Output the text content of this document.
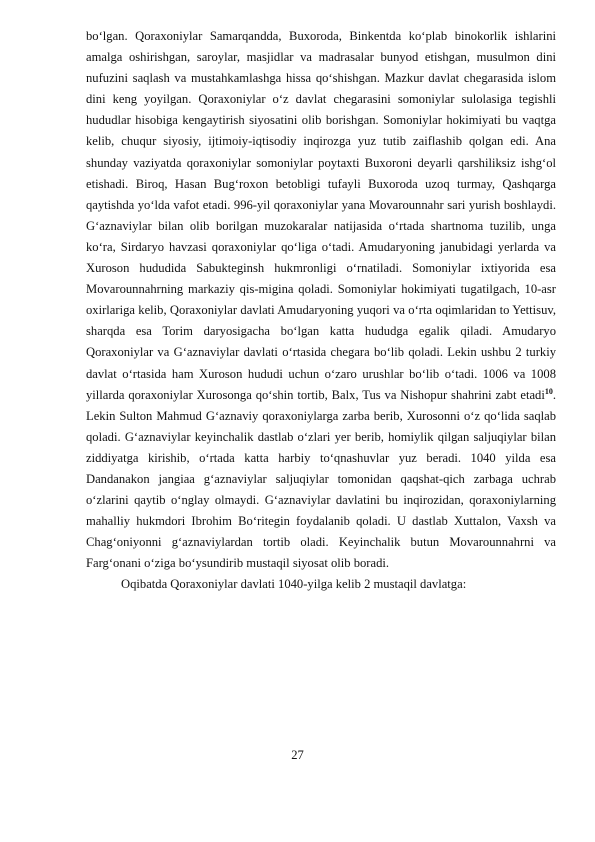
bo‘lgan. Qoraxoniylar Samarqandda, Buxoroda, Binkentda ko‘plab binokorlik ishlarini amalga oshirishgan, saroylar, masjidlar va madrasalar bunyod etishgan, musulmon dini nufuzini saqlash va mustahkamlashga hissa qo‘shishgan. Mazkur davlat chegarasida islom dini keng yoyilgan. Qoraxoniylar o‘z davlat chegarasini somoniylar sulolasiga tegishli hududlar hisobiga kengaytirish siyosatini olib borishgan. Somoniylar hokimiyati bu vaqtga kelib, chuqur siyosiy, ijtimoiy-iqtisodiy inqirozga yuz tutib zaiflashib qolgan edi. Ana shunday vaziyatda qoraxoniylar somoniylar poytaxti Buxoroni deyarli qarshiliksiz ishg‘ol etishadi. Biroq, Hasan Bug‘roxon betobligi tufayli Buxoroda uzoq turmay, Qashqarga qaytishda yo‘lda vafot etadi. 996-yil qoraxoniylar yana Movarounnahr sari yurish boshlaydi. G‘aznaviylar bilan olib borilgan muzokaralar natijasida o‘rtada shartnoma tuzilib, unga ko‘ra, Sirdaryo havzasi qoraxoniylar qo‘liga o‘tadi. Amudaryoning janubidagi yerlarda va Xuroson hududida Sabukteginsh hukmronligi o‘rnatiladi. Somoniylar ixtiyorida esa Movarounnahrning markaziy qis-migina qoladi. Somoniylar hokimiyati tugatilgach, 10-asr oxirlariga kelib, Qoraxoniylar davlati Amudaryoning yuqori va o‘rta oqimlaridan to Yettisuv, sharqda esa Torim daryosigacha bo‘lgan katta hududga egalik qiladi. Amudaryo Qoraxoniylar va G‘aznaviylar davlati o‘rtasida chegara bo‘lib qoladi. Lekin ushbu 2 turkiy davlat o‘rtasida ham Xuroson hududi uchun o‘zaro urushlar bo‘lib o‘tadi. 1006 va 1008 yillarda qoraxoniylar Xurosonga qo‘shin tortib, Balx, Tus va Nishopur shahrini zabt etadi$^{10}$. Lekin Sulton Mahmud G‘aznaviy qoraxoniylarga zarba berib, Xurosonni o‘z qo‘lida saqlab qoladi. G‘aznaviylar keyinchalik dastlab o‘zlari yer berib, homiylik qilgan saljuqiylar bilan ziddiyatga kirishib, o‘rtada katta harbiy to‘qnashuvlar yuz beradi. 1040 yilda esa Dandanakon jangiaa g‘aznaviylar saljuqiylar tomonidan qaqshat-qich zarbaga uchrab o‘zlarini qaytib o‘nglay olmaydi. G‘aznaviylar davlatini bu inqirozidan, qoraxoniylarning mahalliy hukmdori Ibrohim Bo‘ritegin foydalanib qoladi. U dastlab Xuttalon, Vaxsh va Chag‘oniyonni g‘aznaviylardan tortib oladi. Keyinchalik butun Movarounnahrni va Farg‘onani o‘ziga bo‘ysundirib mustaqil siyosat olib boradi.

Oqibatda Qoraxoniylar davlati 1040-yilga kelib 2 mustaqil davlatga:

27
